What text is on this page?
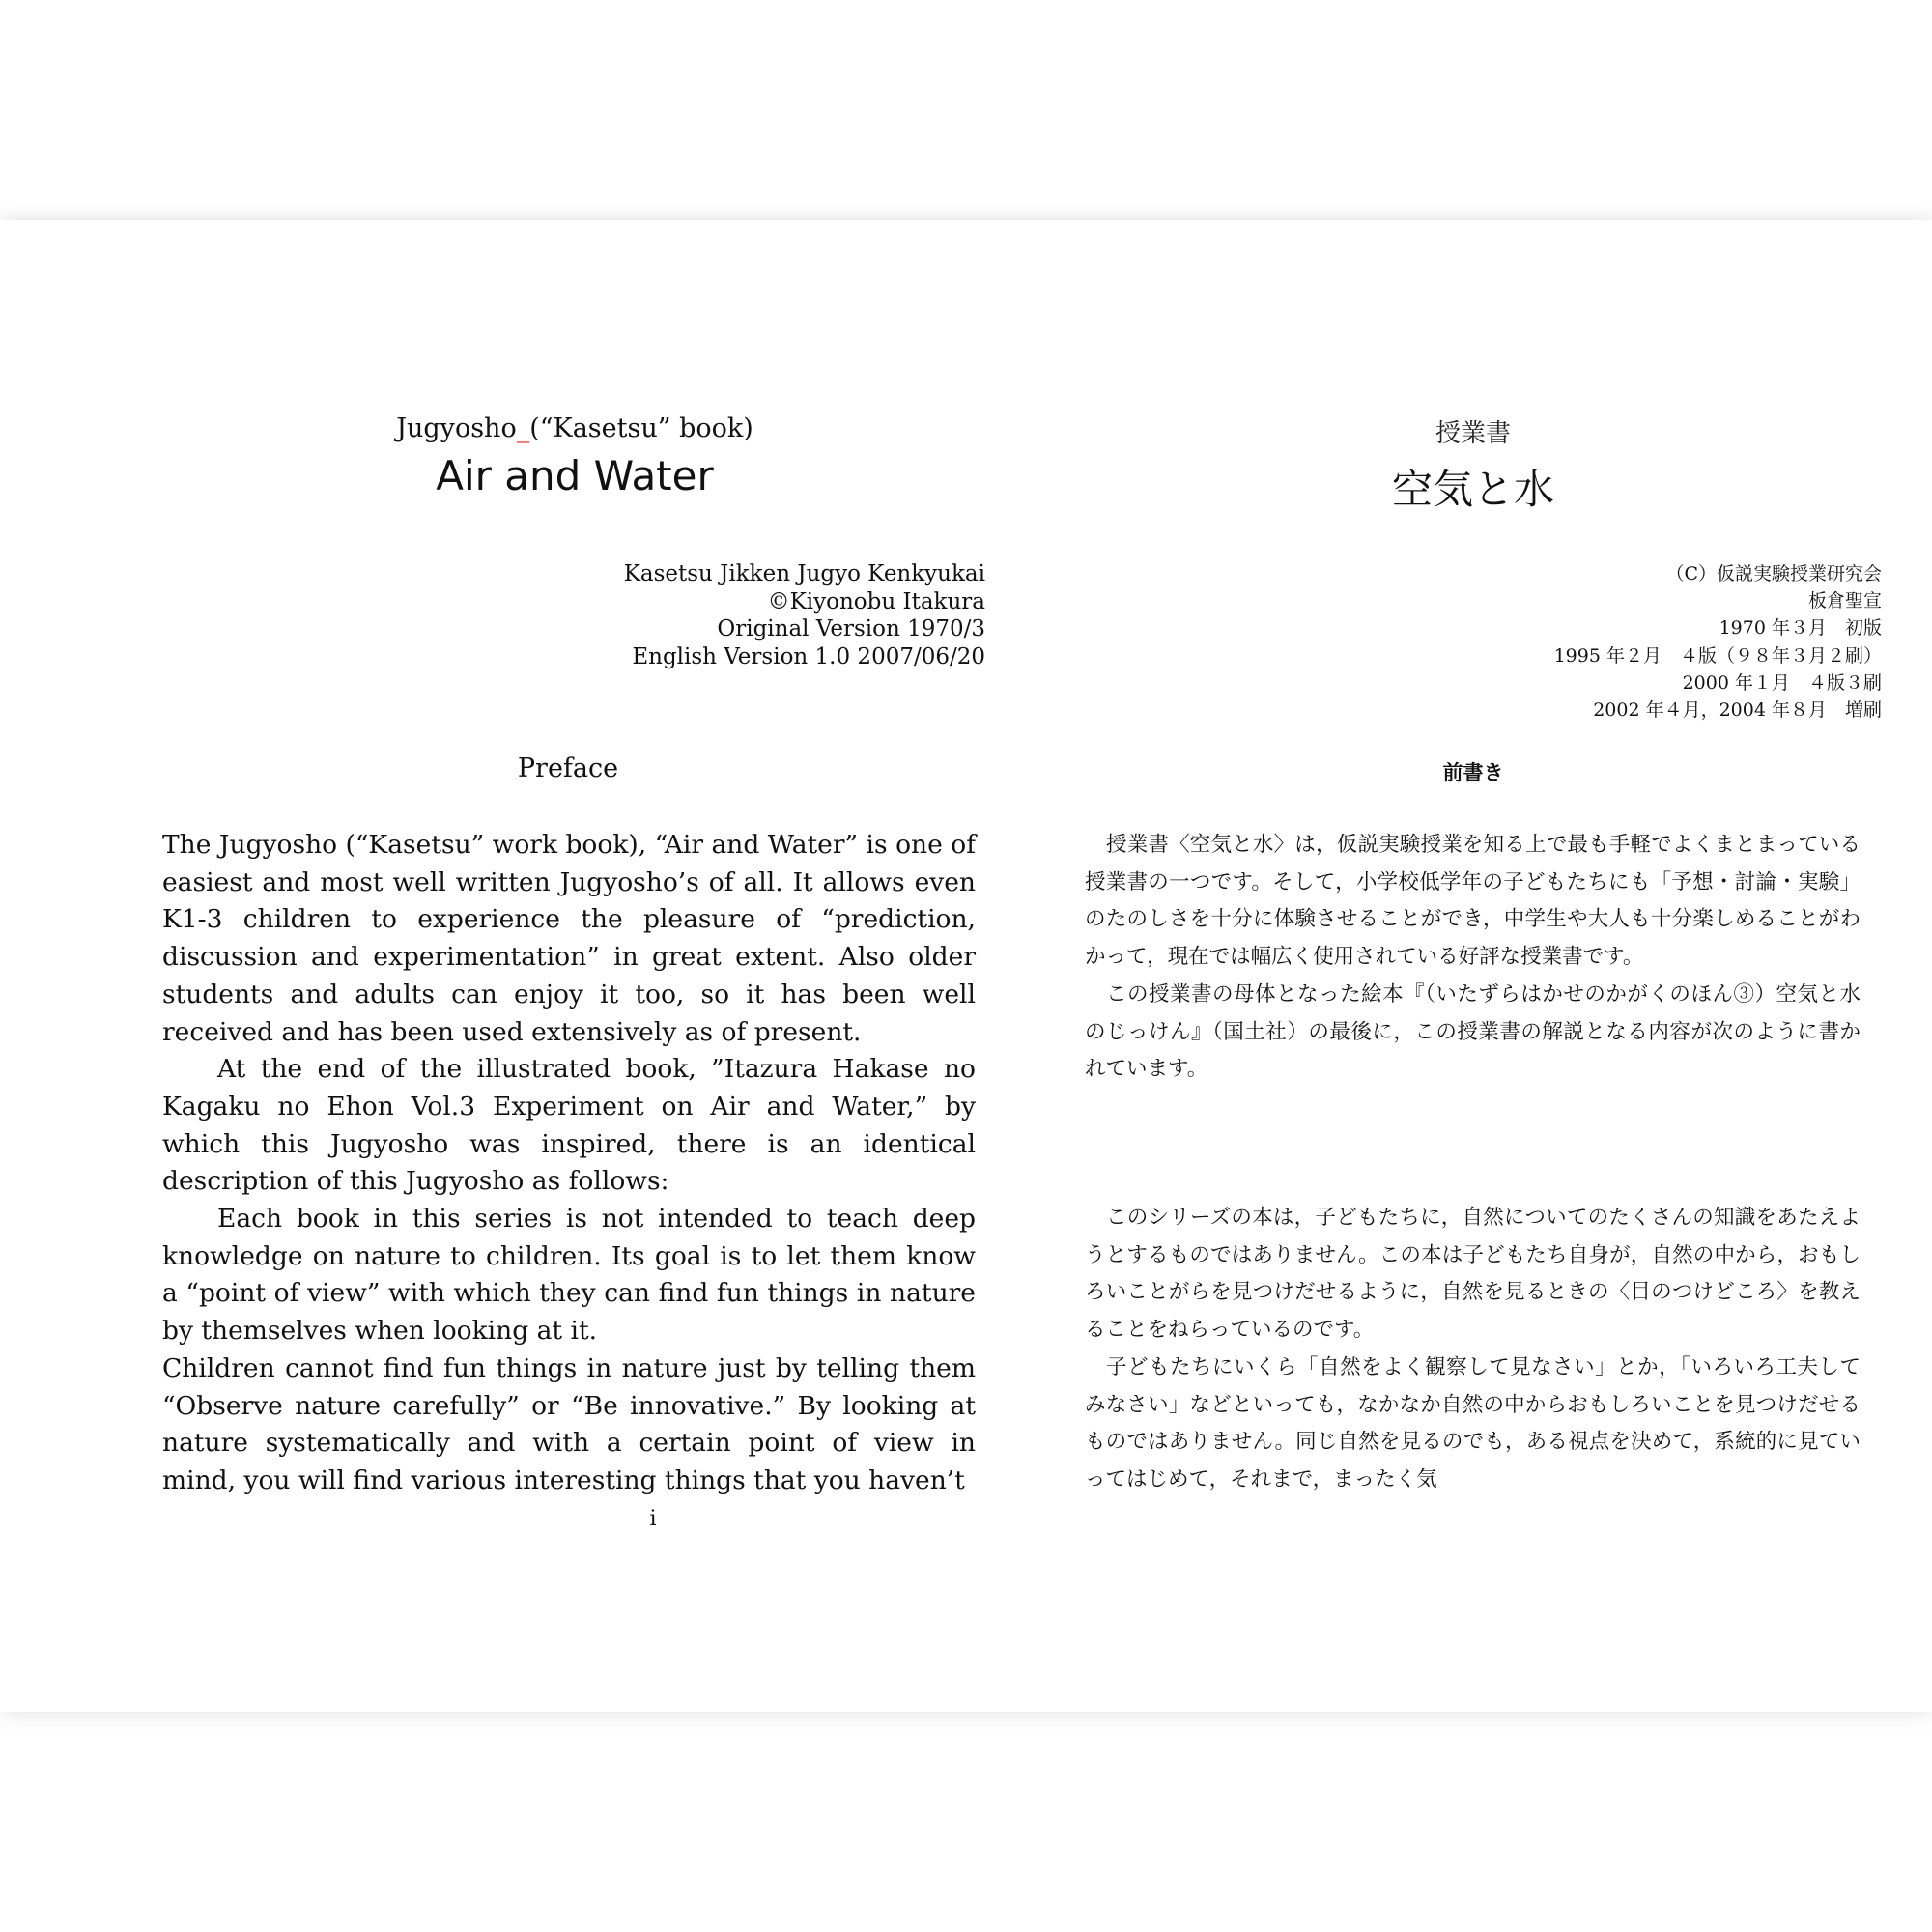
Jugyosho_(“Kasetsu” book)
Air and Water
Kasetsu Jikken Jugyo Kenkyukai
©Kiyonobu Itakura
Original Version 1970/3
English Version 1.0 2007/06/20
Preface

The Jugyosho (“Kasetsu” work book), “Air and Water” is one of easiest and most well written Jugyosho’s of all. It allows even K1-3 children to experience the pleasure of “prediction, discussion and experimentation” in great extent. Also older students and adults can enjoy it too, so it has been well received and has been used extensively as of present.

At the end of the illustrated book, ”Itazura Hakase no Kagaku no Ehon Vol.3 Experiment on Air and Water,” by which this Jugyosho was inspired, there is an identical description of this Jugyosho as follows:

Each book in this series is not intended to teach deep knowledge on nature to children. Its goal is to let them know a “point of view” with which they can find fun things in nature by themselves when looking at it.

Children cannot find fun things in nature just by telling them “Observe nature carefully” or “Be innovative.” By looking at nature systematically and with a certain point of view in mind, you will find various interesting things that you haven’t

i
授業書
空気と水
（C）仮説実験授業研究会
板倉聖宣
1970 年３月　初版
1995 年２月　４版（９８年３月２刷）
2000 年１月　４版３刷
2002 年４月，2004 年８月　増刷
前書き

授業書〈空気と水〉は，仮説実験授業を知る上で最も手軽でよくまとまっている授業書の一つです。そして，小学校低学年の子どもたちにも「予想・討論・実験」のたのしさを十分に体験させることができ，中学生や大人も十分楽しめることがわかって，現在では幅広く使用されている好評な授業書です。

この授業書の母体となった絵本『（いたずらはかせのかがくのほん③）空気と水のじっけん』（国土社）の最後に，この授業書の解説となる内容が次のように書かれています。

このシリーズの本は，子どもたちに，自然についてのたくさんの知識をあたえようとするものではありません。この本は子どもたち自身が，自然の中から，おもしろいことがらを見つけだせるように，自然を見るときの〈目のつけどころ〉を教えることをねらっているのです。

子どもたちにいくら「自然をよく観察して見なさい」とか，「いろいろ工夫してみなさい」などといっても，なかなか自然の中からおもしろいことを見つけだせるものではありません。同じ自然を見るのでも，ある視点を決めて，系統的に見ていってはじめて，それまで，まったく気
